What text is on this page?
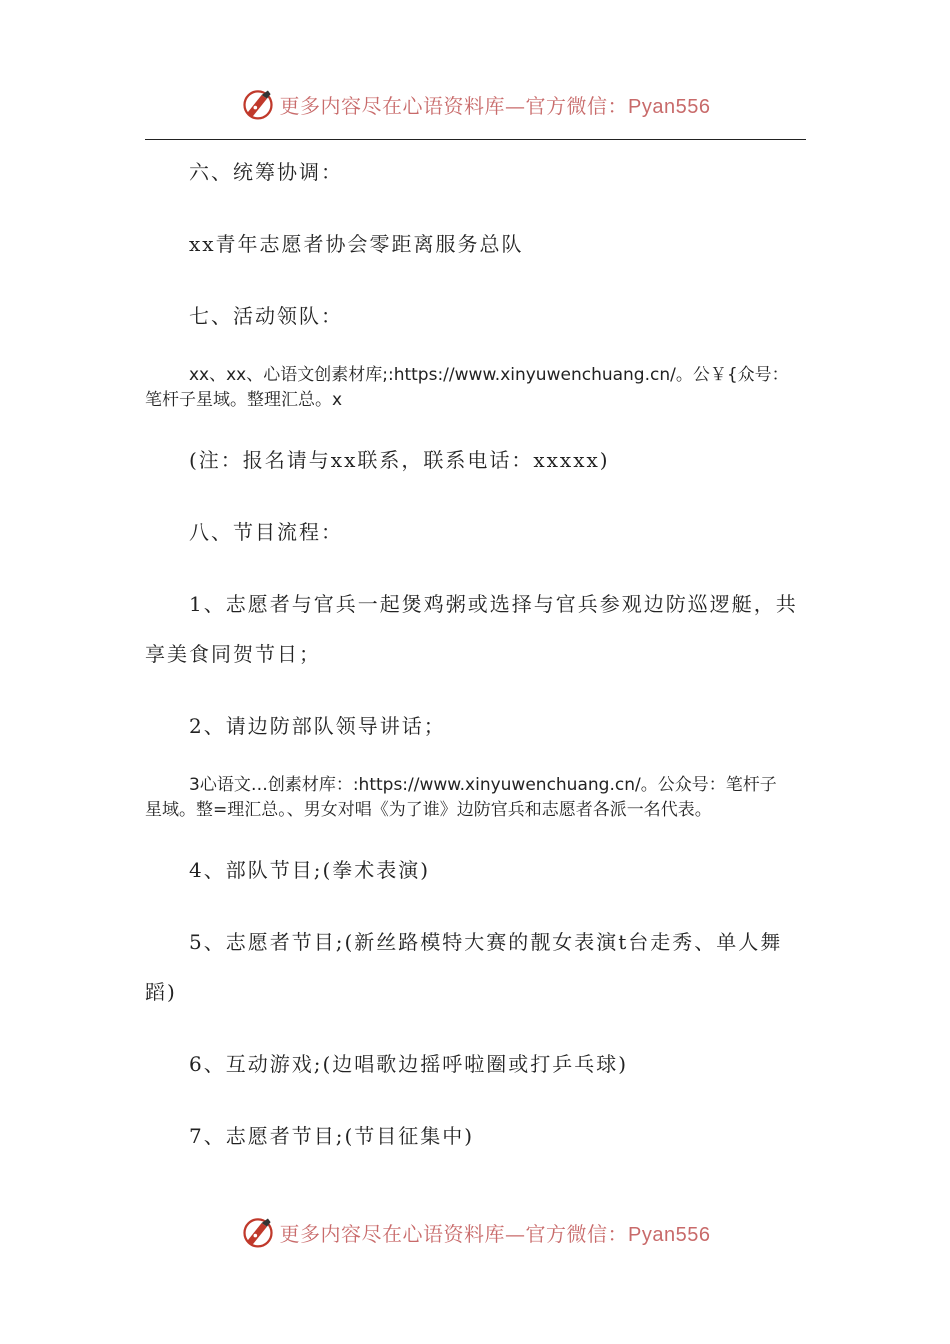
更多内容尽在心语资料库—官方微信：Pyan556
六、统筹协调：
xx青年志愿者协会零距离服务总队
七、活动领队：
xx、xx、心语文创素材库;:https://www.xinyuwenchuang.cn/。公￥{众号：
笔杆子星域。整理汇总。x
(注：报名请与xx联系，联系电话：xxxxx)
八、节目流程：
1、志愿者与官兵一起煲鸡粥或选择与官兵参观边防巡逻艇，共
享美食同贺节日；
2、请边防部队领导讲话；
3心语文…创素材库：:https://www.xinyuwenchuang.cn/。公众号：笔杆子
星域。整=理汇总。、男女对唱《为了谁》边防官兵和志愿者各派一名代表。
4、部队节目;(拳术表演)
5、志愿者节目;(新丝路模特大赛的靓女表演t台走秀、单人舞
蹈)
6、互动游戏;(边唱歌边摇呼啦圈或打乒乓球)
7、志愿者节目;(节目征集中)
更多内容尽在心语资料库—官方微信：Pyan556
